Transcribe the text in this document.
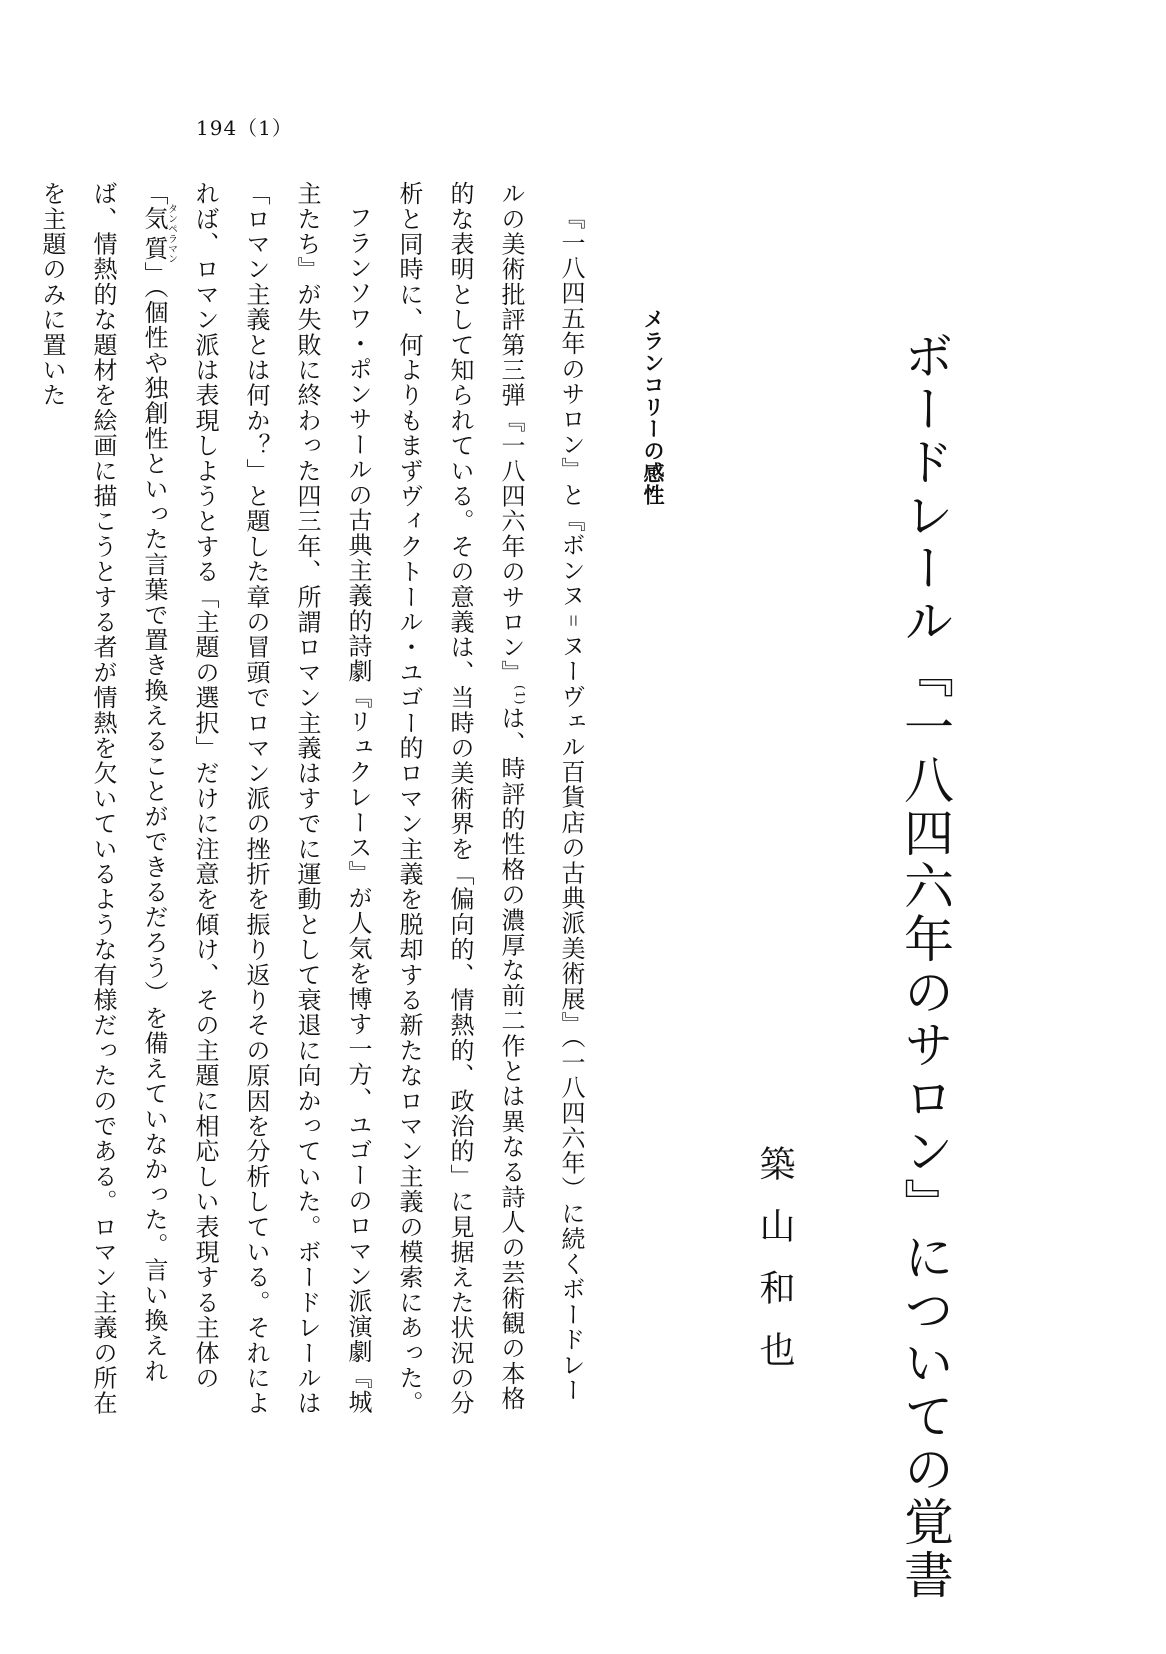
194（1）
ボードレール『一八四六年のサロン』についての覚書
築山和也
メランコリーの感性

『一八四五年のサロン』と『ボンヌ゠ヌーヴェル百貨店の古典派美術展』（一八四六年）に続くボードレールの美術批評第三弾『一八四六年のサロン』$^{(1)}$は、時評的性格の濃厚な前二作とは異なる詩人の芸術観の本格的な表明として知られている。その意義は、当時の美術界を「偏向的、情熱的、政治的」に見据えた状況の分析と同時に、何よりもまずヴィクトール・ユゴー的ロマン主義を脱却する新たなロマン主義の模索にあった。

フランソワ・ポンサールの古典主義的詩劇『リュクレース』が人気を博す一方、ユゴーのロマン派演劇『城主たち』が失敗に終わった四三年、所謂ロマン主義はすでに運動として衰退に向かっていた。ボードレールは「ロマン主義とは何か？」と題した章の冒頭でロマン派の挫折を振り返りその原因を分析している。それによれば、ロマン派は表現しようとする「主題の選択」だけに注意を傾け、その主題に相応しい表現する主体の「気質タンペラマン」（個性や独創性といった言葉で置き換えることができるだろう）を備えていなかった。言い換えれば、情熱的な題材を絵画に描こうとする者が情熱を欠いているような有様だったのである。ロマン主義の所在を主題のみに置いた
